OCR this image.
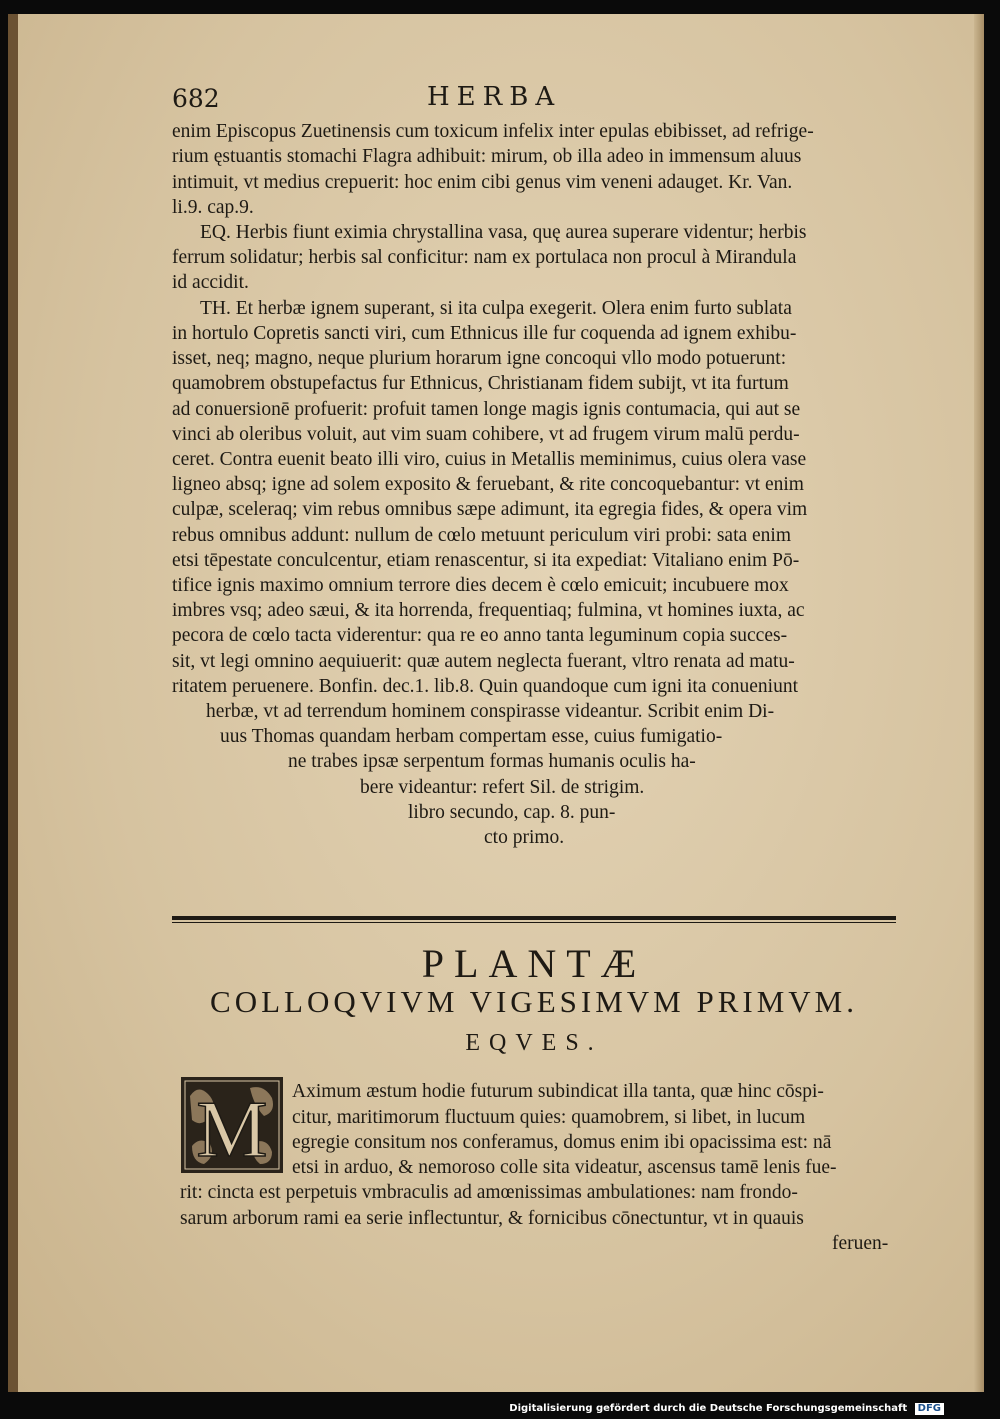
682	HERBA
enim Episcopus Zuetinensis cum toxicum infelix inter epulas ebibisset, ad refrige-
rium ęstuantis stomachi Flagra adhibuit: mirum, ob illa adeo in immensum aluus
intimuit, vt medius crepuerit: hoc enim cibi genus vim veneni adauget. Kr. Van.
li.9. cap.9.
EQ. Herbis fiunt eximia chrystallina vasa, quę aurea superare videntur; herbis
ferrum solidatur; herbis sal conficitur: nam ex portulaca non procul à Mirandula
id accidit.
TH. Et herbæ ignem superant, si ita culpa exegerit. Olera enim furto sublata
in hortulo Copretis sancti viri, cum Ethnicus ille fur coquenda ad ignem exhibu-
isset, neq; magno, neque plurium horarum igne concoqui vllo modo potuerunt:
quamobrem obstupefactus fur Ethnicus, Christianam fidem subijt, vt ita furtum
ad conuersionē profuerit: profuit tamen longe magis ignis contumacia, qui aut se
vinci ab oleribus voluit, aut vim suam cohibere, vt ad frugem virum malū perdu-
ceret. Contra euenit beato illi viro, cuius in Metallis meminimus, cuius olera vase
ligneo absq; igne ad solem exposito & feruebant, & rite concoquebantur: vt enim
culpæ, sceleraq; vim rebus omnibus sæpe adimunt, ita egregia fides, & opera vim
rebus omnibus addunt: nullum de cœlo metuunt periculum viri probi: sata enim
etsi tēpestate conculcentur, etiam renascentur, si ita expediat: Vitaliano enim Pō-
tifice ignis maximo omnium terrore dies decem è cœlo emicuit; incubuere mox
imbres vsq; adeo sæui, & ita horrenda, frequentiaq; fulmina, vt homines iuxta, ac
pecora de cœlo tacta viderentur: qua re eo anno tanta leguminum copia succes-
sit, vt legi omnino aequiuerit: quæ autem neglecta fuerant, vltro renata ad matu-
ritatem peruenere. Bonfin. dec.1. lib.8. Quin quandoque cum igni ita conueniunt
herbæ, vt ad terrendum hominem conspirasse videantur. Scribit enim Di-
uus Thomas quandam herbam compertam esse, cuius fumigatio-
ne trabes ipsæ serpentum formas humanis oculis ha-
bere videantur: refert Sil. de strigim.
libro secundo, cap. 8. pun-
cto primo.
PLANTÆ
COLLOQVIVM VIGESIMVM PRIMVM.
EQVES.
M Aximum æstum hodie futurum subindicat illa tanta, quæ hinc cōspi-
citur, maritimorum fluctuum quies: quamobrem, si libet, in lucum
egregie consitum nos conferamus, domus enim ibi opacissima est: nā
etsi in arduo, & nemoroso colle sita videatur, ascensus tamē lenis fue-
rit: cincta est perpetuis vmbraculis ad amœnissimas ambulationes: nam frondo-
sarum arborum rami ea serie inflectuntur, & fornicibus cōnectuntur, vt in quauis
feruen-
Digitalisierung gefördert durch die Deutsche Forschungsgemeinschaft DFG
